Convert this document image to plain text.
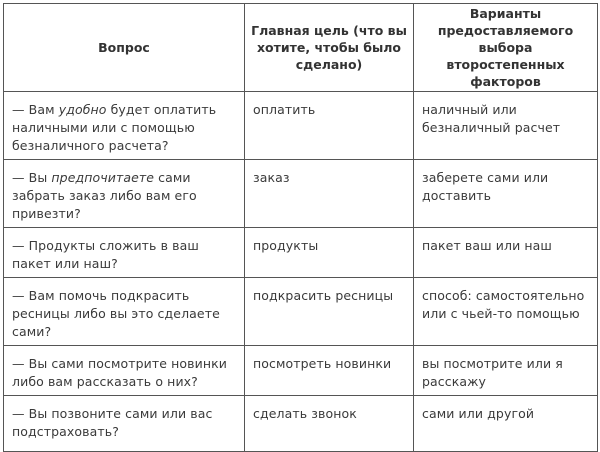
Вопрос	Главная цель (что вы хотите, чтобы было сделано)	Варианты предоставляемого выбора второстепенных факторов

— Вам удобно будет оплатить наличными или с помощью безналичного расчета?	оплатить	наличный или безналичный расчет

— Вы предпочитаете сами забрать заказ либо вам его привезти?	заказ	заберете сами или доставить

— Продукты сложить в ваш пакет или наш?	продукты	пакет ваш или наш

— Вам помочь подкрасить ресницы либо вы это сделаете сами?	подкрасить ресницы	способ: самостоятельно или с чьей-то помощью

— Вы сами посмотрите новинки либо вам рассказать о них?	посмотреть новинки	вы посмотрите или я расскажу

— Вы позвоните сами или вас подстраховать?	сделать звонок	сами или другой
